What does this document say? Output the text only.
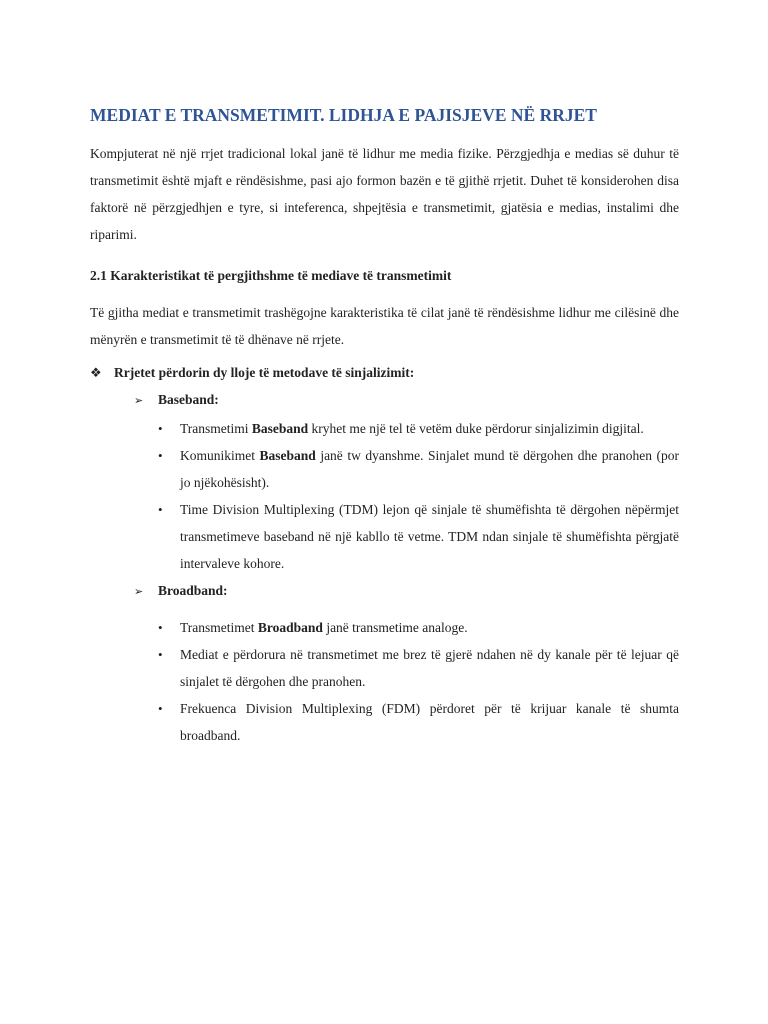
MEDIAT E TRANSMETIMIT. LIDHJA E PAJISJEVE NË RRJET

Kompjuterat në një rrjet tradicional lokal janë të lidhur me media fizike. Përzgjedhja e medias së duhur të transmetimit është mjaft e rëndësishme, pasi ajo formon bazën e të gjithë rrjetit. Duhet të konsiderohen disa faktorë në përzgjedhjen e tyre, si inteferenca, shpejtësia e transmetimit, gjatësia e medias, instalimi dhe riparimi.

2.1 Karakteristikat të pergjithshme të mediave të transmetimit

Të gjitha mediat e transmetimit trashëgojne karakteristika të cilat janë të rëndësishme lidhur me cilësinë dhe mënyrën e transmetimit të të dhënave në rrjete.

❖ Rrjetet përdorin dy lloje të metodave të sinjalizimit:
➢	Baseband:
•	Transmetimi Baseband kryhet me një tel të vetëm duke përdorur sinjalizimin digjital.
•	Komunikimet Baseband janë tw dyanshme. Sinjalet mund të dërgohen dhe pranohen (por jo njëkohësisht).
•	Time Division Multiplexing (TDM) lejon që sinjale të shumëfishta të dërgohen nëpërmjet transmetimeve baseband në një kabllo të vetme. TDM ndan sinjale të shumëfishta përgjatë intervaleve kohore.
➢	Broadband:
•	Transmetimet Broadband janë transmetime analoge.
•	Mediat e përdorura në transmetimet me brez të gjerë ndahen në dy kanale për të lejuar që sinjalet të dërgohen dhe pranohen.
•	Frekuenca Division Multiplexing (FDM) përdoret për të krijuar kanale të shumta broadband.
